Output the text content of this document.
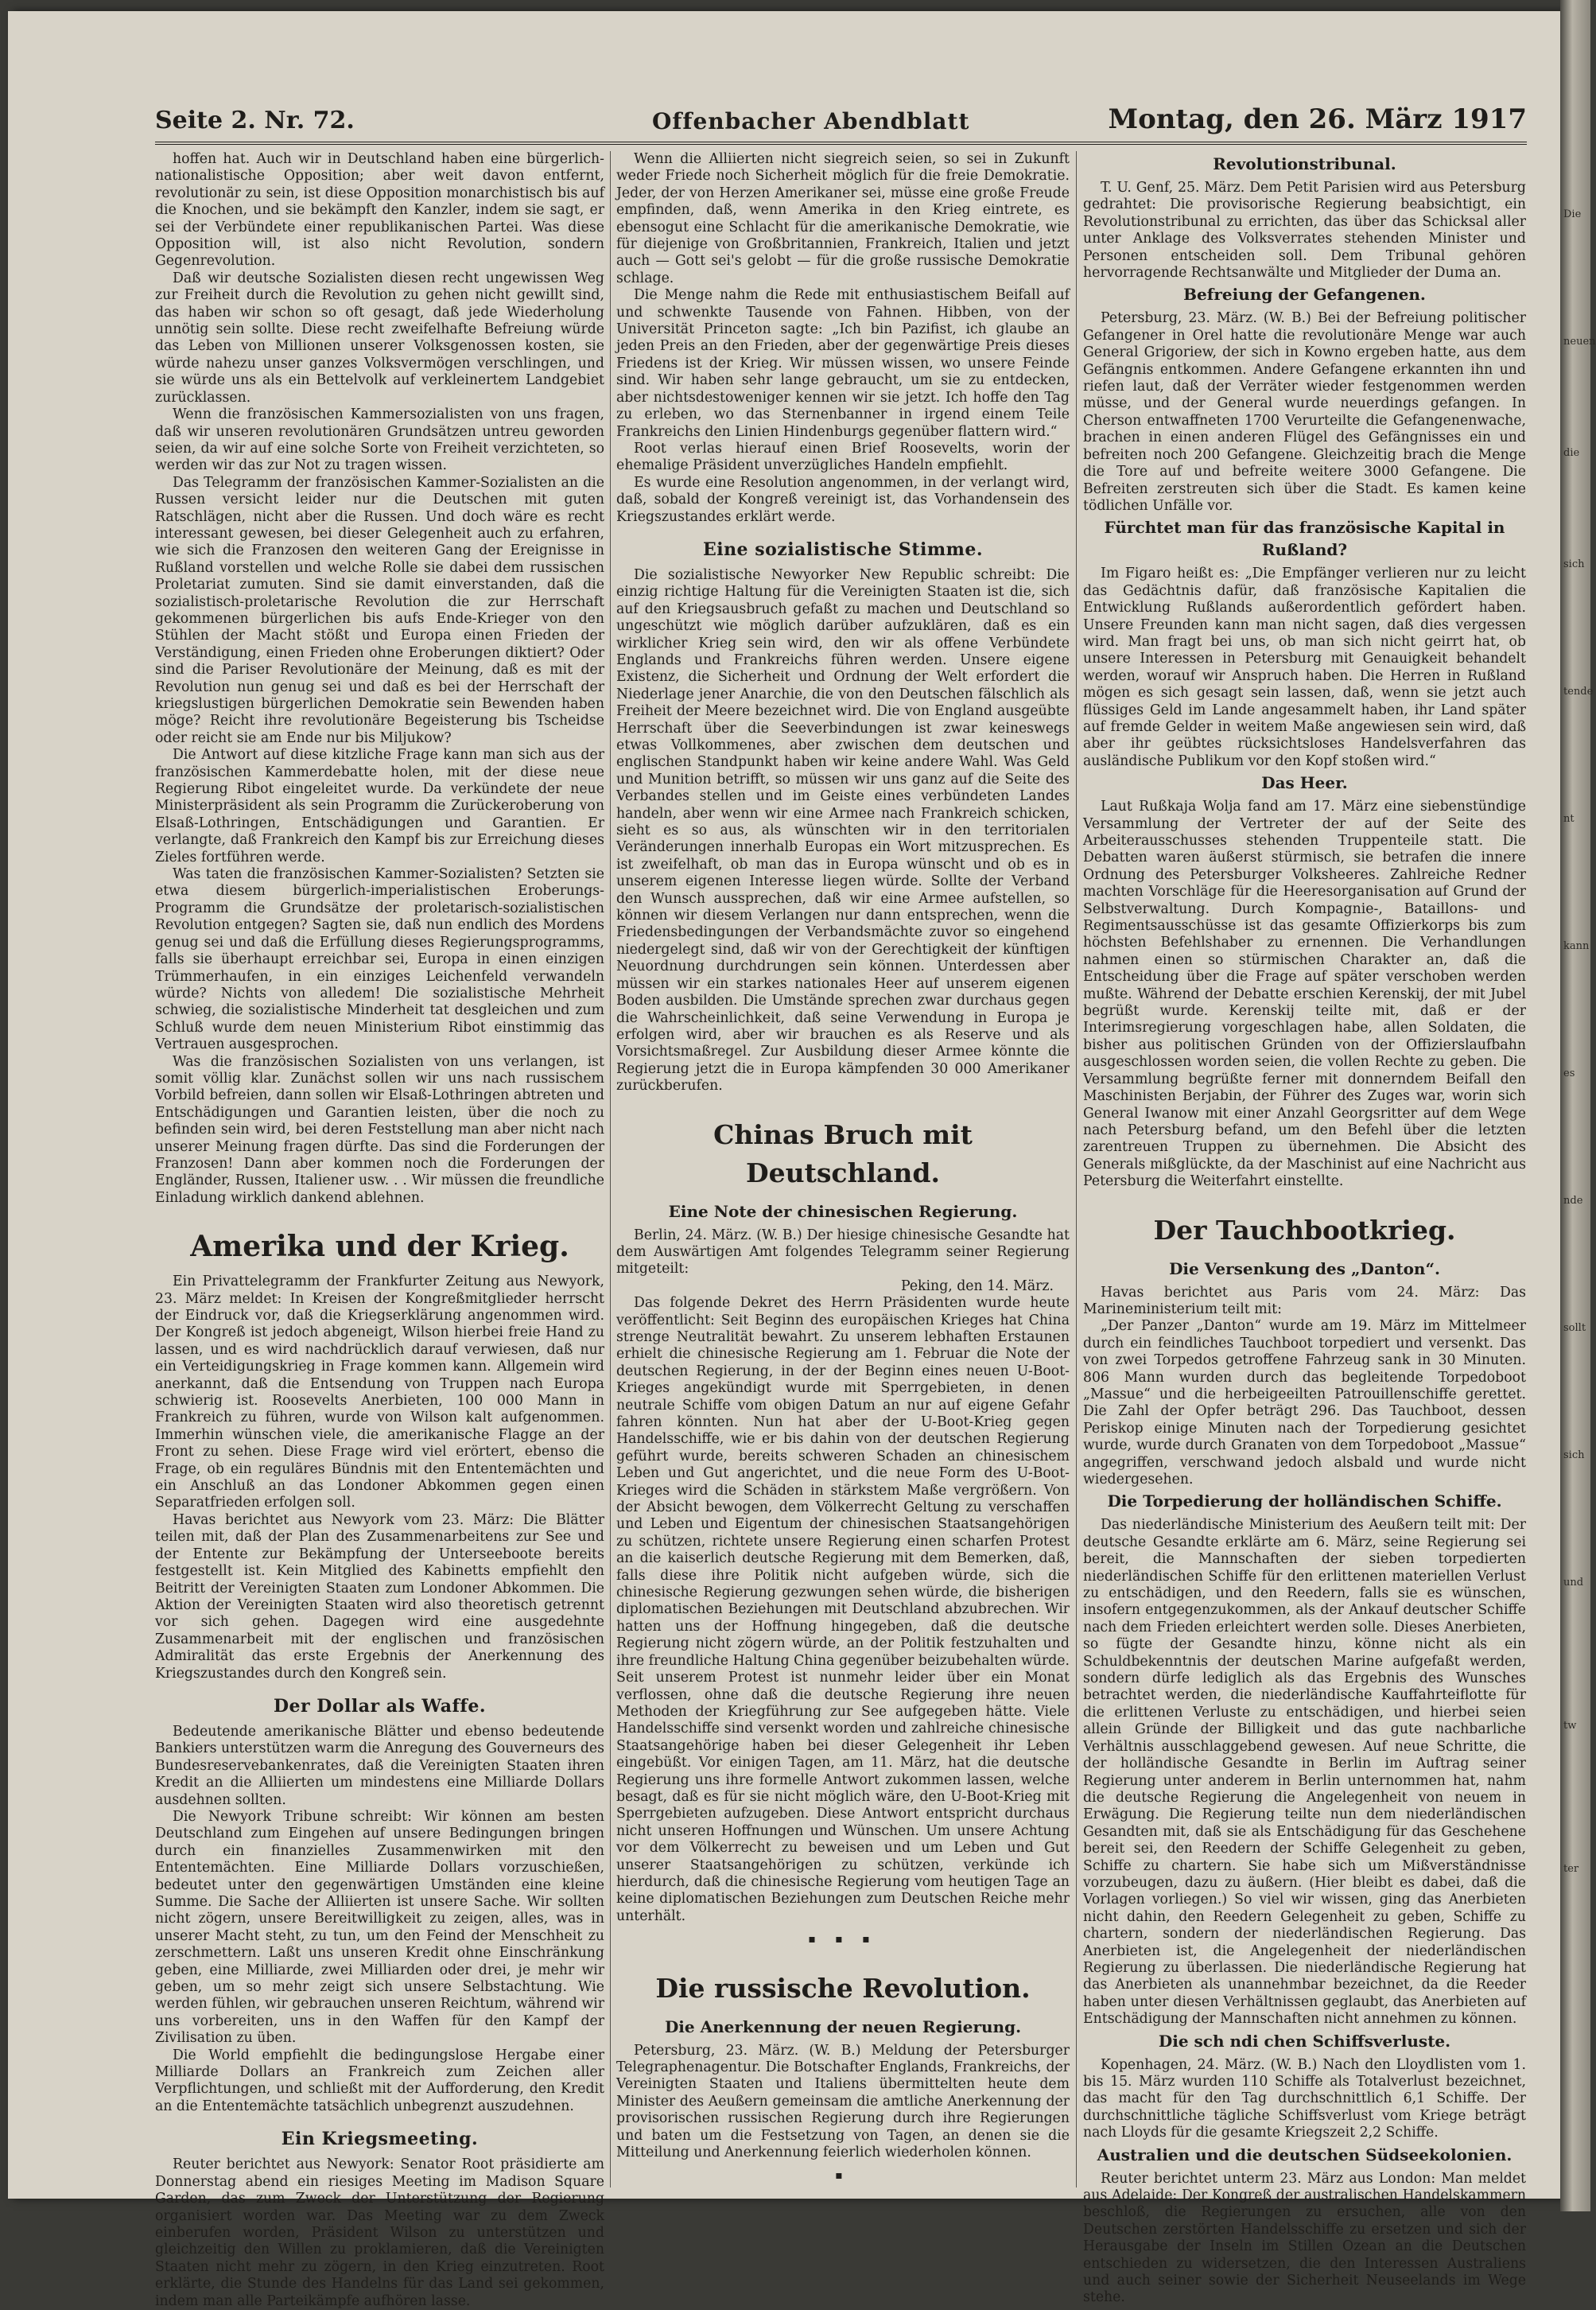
Seite 2. Nr. 72.	Offenbacher Abendblatt	Montag, den 26. März 1917

hoffen hat. Auch wir in Deutschland haben eine bürgerlich-nationalistische Opposition; aber weit davon entfernt, revolutionär zu sein, ist diese Opposition monarchistisch bis auf die Knochen, und sie bekämpft den Kanzler, indem sie sagt, er sei der Verbündete einer republikanischen Partei. Was diese Opposition will, ist also nicht Revolution, sondern Gegenrevolution.

Daß wir deutsche Sozialisten diesen recht ungewissen Weg zur Freiheit durch die Revolution zu gehen nicht gewillt sind, das haben wir schon so oft gesagt, daß jede Wiederholung unnötig sein sollte. Diese recht zweifelhafte Befreiung würde das Leben von Millionen unserer Volksgenossen kosten, sie würde nahezu unser ganzes Volksvermögen verschlingen, und sie würde uns als ein Bettelvolk auf verkleinertem Landgebiet zurücklassen.

Wenn die französischen Kammersozialisten von uns fragen, daß wir unseren revolutionären Grundsätzen untreu geworden seien, da wir auf eine solche Sorte von Freiheit verzichteten, so werden wir das zur Not zu tragen wissen.

Das Telegramm der französischen Kammer-Sozialisten an die Russen versicht leider nur die Deutschen mit guten Ratschlägen, nicht aber die Russen. Und doch wäre es recht interessant gewesen, bei dieser Gelegenheit auch zu erfahren, wie sich die Franzosen den weiteren Gang der Ereignisse in Rußland vorstellen und welche Rolle sie dabei dem russischen Proletariat zumuten. Sind sie damit einverstanden, daß die sozialistisch-proletarische Revolution die zur Herrschaft gekommenen bürgerlichen bis aufs Ende-Krieger von den Stühlen der Macht stößt und Europa einen Frieden der Verständigung, einen Frieden ohne Eroberungen diktiert? Oder sind die Pariser Revolutionäre der Meinung, daß es mit der Revolution nun genug sei und daß es bei der Herrschaft der kriegslustigen bürgerlichen Demokratie sein Bewenden haben möge? Reicht ihre revolutionäre Begeisterung bis Tscheidse oder reicht sie am Ende nur bis Miljukow?

Die Antwort auf diese kitzliche Frage kann man sich aus der französischen Kammerdebatte holen, mit der diese neue Regierung Ribot eingeleitet wurde. Da verkündete der neue Ministerpräsident als sein Programm die Zurückeroberung von Elsaß-Lothringen, Entschädigungen und Garantien. Er verlangte, daß Frankreich den Kampf bis zur Erreichung dieses Zieles fortführen werde.

Was taten die französischen Kammer-Sozialisten? Setzten sie etwa diesem bürgerlich-imperialistischen Eroberungs-Programm die Grundsätze der proletarisch-sozialistischen Revolution entgegen? Sagten sie, daß nun endlich des Mordens genug sei und daß die Erfüllung dieses Regierungsprogramms, falls sie überhaupt erreichbar sei, Europa in einen einzigen Trümmerhaufen, in ein einziges Leichenfeld verwandeln würde? Nichts von alledem! Die sozialistische Mehrheit schwieg, die sozialistische Minderheit tat desgleichen und zum Schluß wurde dem neuen Ministerium Ribot einstimmig das Vertrauen ausgesprochen.

Was die französischen Sozialisten von uns verlangen, ist somit völlig klar. Zunächst sollen wir uns nach russischem Vorbild befreien, dann sollen wir Elsaß-Lothringen abtreten und Entschädigungen und Garantien leisten, über die noch zu befinden sein wird, bei deren Feststellung man aber nicht nach unserer Meinung fragen dürfte. Das sind die Forderungen der Franzosen! Dann aber kommen noch die Forderungen der Engländer, Russen, Italiener usw. . . Wir müssen die freundliche Einladung wirklich dankend ablehnen.

Amerika und der Krieg.

Ein Privattelegramm der Frankfurter Zeitung aus Newyork, 23. März meldet: In Kreisen der Kongreßmitglieder herrscht der Eindruck vor, daß die Kriegserklärung angenommen wird. Der Kongreß ist jedoch abgeneigt, Wilson hierbei freie Hand zu lassen, und es wird nachdrücklich darauf verwiesen, daß nur ein Verteidigungskrieg in Frage kommen kann. Allgemein wird anerkannt, daß die Entsendung von Truppen nach Europa schwierig ist. Roosevelts Anerbieten, 100 000 Mann in Frankreich zu führen, wurde von Wilson kalt aufgenommen. Immerhin wünschen viele, die amerikanische Flagge an der Front zu sehen. Diese Frage wird viel erörtert, ebenso die Frage, ob ein reguläres Bündnis mit den Ententemächten und ein Anschluß an das Londoner Abkommen gegen einen Separatfrieden erfolgen soll.

Havas berichtet aus Newyork vom 23. März: Die Blätter teilen mit, daß der Plan des Zusammenarbeitens zur See und der Entente zur Bekämpfung der Unterseeboote bereits festgestellt ist. Kein Mitglied des Kabinetts empfiehlt den Beitritt der Vereinigten Staaten zum Londoner Abkommen. Die Aktion der Vereinigten Staaten wird also theoretisch getrennt vor sich gehen. Dagegen wird eine ausgedehnte Zusammenarbeit mit der englischen und französischen Admiralität das erste Ergebnis der Anerkennung des Kriegszustandes durch den Kongreß sein.

Der Dollar als Waffe.

Bedeutende amerikanische Blätter und ebenso bedeutende Bankiers unterstützen warm die Anregung des Gouverneurs des Bundesreservebankenrates, daß die Vereinigten Staaten ihren Kredit an die Alliierten um mindestens eine Milliarde Dollars ausdehnen sollten.

Die Newyork Tribune schreibt: Wir können am besten Deutschland zum Eingehen auf unsere Bedingungen bringen durch ein finanzielles Zusammenwirken mit den Ententemächten. Eine Milliarde Dollars vorzuschießen, bedeutet unter den gegenwärtigen Umständen eine kleine Summe. Die Sache der Alliierten ist unsere Sache. Wir sollten nicht zögern, unsere Bereitwilligkeit zu zeigen, alles, was in unserer Macht steht, zu tun, um den Feind der Menschheit zu zerschmettern. Laßt uns unseren Kredit ohne Einschränkung geben, eine Milliarde, zwei Milliarden oder drei, je mehr wir geben, um so mehr zeigt sich unsere Selbstachtung. Wie werden fühlen, wir gebrauchen unseren Reichtum, während wir uns vorbereiten, uns in den Waffen für den Kampf der Zivilisation zu üben.

Die World empfiehlt die bedingungslose Hergabe einer Milliarde Dollars an Frankreich zum Zeichen aller Verpflichtungen, und schließt mit der Aufforderung, den Kredit an die Ententemächte tatsächlich unbegrenzt auszudehnen.

Ein Kriegsmeeting.

Reuter berichtet aus Newyork: Senator Root präsidierte am Donnerstag abend ein riesiges Meeting im Madison Square Garden, das zum Zweck der Unterstützung der Regierung organisiert worden war. Das Meeting war zu dem Zweck einberufen worden, Präsident Wilson zu unterstützen und gleichzeitig den Willen zu proklamieren, daß die Vereinigten Staaten nicht mehr zu zögern, in den Krieg einzutreten. Root erklärte, die Stunde des Handelns für das Land sei gekommen, indem man alle Parteikämpfe aufhören lasse.

Wenn die Alliierten nicht siegreich seien, so sei in Zukunft weder Friede noch Sicherheit möglich für die freie Demokratie. Jeder, der von Herzen Amerikaner sei, müsse eine große Freude empfinden, daß, wenn Amerika in den Krieg eintrete, es ebensogut eine Schlacht für die amerikanische Demokratie, wie für diejenige von Großbritannien, Frankreich, Italien und jetzt auch — Gott sei's gelobt — für die große russische Demokratie schlage.

Die Menge nahm die Rede mit enthusiastischem Beifall auf und schwenkte Tausende von Fahnen. Hibben, von der Universität Princeton sagte: „Ich bin Pazifist, ich glaube an jeden Preis an den Frieden, aber der gegenwärtige Preis dieses Friedens ist der Krieg. Wir müssen wissen, wo unsere Feinde sind. Wir haben sehr lange gebraucht, um sie zu entdecken, aber nichtsdestoweniger kennen wir sie jetzt. Ich hoffe den Tag zu erleben, wo das Sternenbanner in irgend einem Teile Frankreichs den Linien Hindenburgs gegenüber flattern wird.“

Root verlas hierauf einen Brief Roosevelts, worin der ehemalige Präsident unverzügliches Handeln empfiehlt.

Es wurde eine Resolution angenommen, in der verlangt wird, daß, sobald der Kongreß vereinigt ist, das Vorhandensein des Kriegszustandes erklärt werde.

Eine sozialistische Stimme.

Die sozialistische Newyorker New Republic schreibt: Die einzig richtige Haltung für die Vereinigten Staaten ist die, sich auf den Kriegsausbruch gefaßt zu machen und Deutschland so ungeschützt wie möglich darüber aufzuklären, daß es ein wirklicher Krieg sein wird, den wir als offene Verbündete Englands und Frankreichs führen werden. Unsere eigene Existenz, die Sicherheit und Ordnung der Welt erfordert die Niederlage jener Anarchie, die von den Deutschen fälschlich als Freiheit der Meere bezeichnet wird. Die von England ausgeübte Herrschaft über die Seeverbindungen ist zwar keineswegs etwas Vollkommenes, aber zwischen dem deutschen und englischen Standpunkt haben wir keine andere Wahl. Was Geld und Munition betrifft, so müssen wir uns ganz auf die Seite des Verbandes stellen und im Geiste eines verbündeten Landes handeln, aber wenn wir eine Armee nach Frankreich schicken, sieht es so aus, als wünschten wir in den territorialen Veränderungen innerhalb Europas ein Wort mitzusprechen. Es ist zweifelhaft, ob man das in Europa wünscht und ob es in unserem eigenen Interesse liegen würde. Sollte der Verband den Wunsch aussprechen, daß wir eine Armee aufstellen, so können wir diesem Verlangen nur dann entsprechen, wenn die Friedensbedingungen der Verbandsmächte zuvor so eingehend niedergelegt sind, daß wir von der Gerechtigkeit der künftigen Neuordnung durchdrungen sein können. Unterdessen aber müssen wir ein starkes nationales Heer auf unserem eigenen Boden ausbilden. Die Umstände sprechen zwar durchaus gegen die Wahrscheinlichkeit, daß seine Verwendung in Europa je erfolgen wird, aber wir brauchen es als Reserve und als Vorsichtsmaßregel. Zur Ausbildung dieser Armee könnte die Regierung jetzt die in Europa kämpfenden 30 000 Amerikaner zurückberufen.

Chinas Bruch mit Deutschland.
Eine Note der chinesischen Regierung.

Berlin, 24. März. (W. B.) Der hiesige chinesische Gesandte hat dem Auswärtigen Amt folgendes Telegramm seiner Regierung mitgeteilt:

Peking, den 14. März.

Das folgende Dekret des Herrn Präsidenten wurde heute veröffentlicht: Seit Beginn des europäischen Krieges hat China strenge Neutralität bewahrt. Zu unserem lebhaften Erstaunen erhielt die chinesische Regierung am 1. Februar die Note der deutschen Regierung, in der der Beginn eines neuen U-Boot-Krieges angekündigt wurde mit Sperrgebieten, in denen neutrale Schiffe vom obigen Datum an nur auf eigene Gefahr fahren könnten. Nun hat aber der U-Boot-Krieg gegen Handelsschiffe, wie er bis dahin von der deutschen Regierung geführt wurde, bereits schweren Schaden an chinesischem Leben und Gut angerichtet, und die neue Form des U-Boot-Krieges wird die Schäden in stärkstem Maße vergrößern. Von der Absicht bewogen, dem Völkerrecht Geltung zu verschaffen und Leben und Eigentum der chinesischen Staatsangehörigen zu schützen, richtete unsere Regierung einen scharfen Protest an die kaiserlich deutsche Regierung mit dem Bemerken, daß, falls diese ihre Politik nicht aufgeben würde, sich die chinesische Regierung gezwungen sehen würde, die bisherigen diplomatischen Beziehungen mit Deutschland abzubrechen. Wir hatten uns der Hoffnung hingegeben, daß die deutsche Regierung nicht zögern würde, an der Politik festzuhalten und ihre freundliche Haltung China gegenüber beizubehalten würde. Seit unserem Protest ist nunmehr leider über ein Monat verflossen, ohne daß die deutsche Regierung ihre neuen Methoden der Kriegführung zur See aufgegeben hätte. Viele Handelsschiffe sind versenkt worden und zahlreiche chinesische Staatsangehörige haben bei dieser Gelegenheit ihr Leben eingebüßt. Vor einigen Tagen, am 11. März, hat die deutsche Regierung uns ihre formelle Antwort zukommen lassen, welche besagt, daß es für sie nicht möglich wäre, den U-Boot-Krieg mit Sperrgebieten aufzugeben. Diese Antwort entspricht durchaus nicht unseren Hoffnungen und Wünschen. Um unsere Achtung vor dem Völkerrecht zu beweisen und um Leben und Gut unserer Staatsangehörigen zu schützen, verkünde ich hierdurch, daß die chinesische Regierung vom heutigen Tage an keine diplomatischen Beziehungen zum Deutschen Reiche mehr unterhält.

▪ ▪ ▪
Die russische Revolution.
Die Anerkennung der neuen Regierung.

Petersburg, 23. März. (W. B.) Meldung der Petersburger Telegraphenagentur. Die Botschafter Englands, Frankreichs, der Vereinigten Staaten und Italiens übermittelten heute dem Minister des Aeußern gemeinsam die amtliche Anerkennung der provisorischen russischen Regierung durch ihre Regierungen und baten um die Festsetzung von Tagen, an denen sie die Mitteilung und Anerkennung feierlich wiederholen können.

▪
Revolutionstribunal.

T. U. Genf, 25. März. Dem Petit Parisien wird aus Petersburg gedrahtet: Die provisorische Regierung beabsichtigt, ein Revolutionstribunal zu errichten, das über das Schicksal aller unter Anklage des Volksverrates stehenden Minister und Personen entscheiden soll. Dem Tribunal gehören hervorragende Rechtsanwälte und Mitglieder der Duma an.

Befreiung der Gefangenen.

Petersburg, 23. März. (W. B.) Bei der Befreiung politischer Gefangener in Orel hatte die revolutionäre Menge war auch General Grigoriew, der sich in Kowno ergeben hatte, aus dem Gefängnis entkommen. Andere Gefangene erkannten ihn und riefen laut, daß der Verräter wieder festgenommen werden müsse, und der General wurde neuerdings gefangen. In Cherson entwaffneten 1700 Verurteilte die Gefangenenwache, brachen in einen anderen Flügel des Gefängnisses ein und befreiten noch 200 Gefangene. Gleichzeitig brach die Menge die Tore auf und befreite weitere 3000 Gefangene. Die Befreiten zerstreuten sich über die Stadt. Es kamen keine tödlichen Unfälle vor.

Fürchtet man für das französische Kapital in Rußland?

Im Figaro heißt es: „Die Empfänger verlieren nur zu leicht das Gedächtnis dafür, daß französische Kapitalien die Entwicklung Rußlands außerordentlich gefördert haben. Unsere Freunden kann man nicht sagen, daß dies vergessen wird. Man fragt bei uns, ob man sich nicht geirrt hat, ob unsere Interessen in Petersburg mit Genauigkeit behandelt werden, worauf wir Anspruch haben. Die Herren in Rußland mögen es sich gesagt sein lassen, daß, wenn sie jetzt auch flüssiges Geld im Lande angesammelt haben, ihr Land später auf fremde Gelder in weitem Maße angewiesen sein wird, daß aber ihr geübtes rücksichtsloses Handelsverfahren das ausländische Publikum vor den Kopf stoßen wird.“

Das Heer.

Laut Rußkaja Wolja fand am 17. März eine siebenstündige Versammlung der Vertreter der auf der Seite des Arbeiterausschusses stehenden Truppenteile statt. Die Debatten waren äußerst stürmisch, sie betrafen die innere Ordnung des Petersburger Volksheeres. Zahlreiche Redner machten Vorschläge für die Heeresorganisation auf Grund der Selbstverwaltung. Durch Kompagnie-, Bataillons- und Regimentsausschüsse ist das gesamte Offizierkorps bis zum höchsten Befehlshaber zu ernennen. Die Verhandlungen nahmen einen so stürmischen Charakter an, daß die Entscheidung über die Frage auf später verschoben werden mußte. Während der Debatte erschien Kerenskij, der mit Jubel begrüßt wurde. Kerenskij teilte mit, daß er der Interimsregierung vorgeschlagen habe, allen Soldaten, die bisher aus politischen Gründen von der Offizierslaufbahn ausgeschlossen worden seien, die vollen Rechte zu geben. Die Versammlung begrüßte ferner mit donnerndem Beifall den Maschinisten Berjabin, der Führer des Zuges war, worin sich General Iwanow mit einer Anzahl Georgsritter auf dem Wege nach Petersburg befand, um den Befehl über die letzten zarentreuen Truppen zu übernehmen. Die Absicht des Generals mißglückte, da der Maschinist auf eine Nachricht aus Petersburg die Weiterfahrt einstellte.

Der Tauchbootkrieg.
Die Versenkung des „Danton“.

Havas berichtet aus Paris vom 24. März: Das Marineministerium teilt mit:

„Der Panzer „Danton“ wurde am 19. März im Mittelmeer durch ein feindliches Tauchboot torpediert und versenkt. Das von zwei Torpedos getroffene Fahrzeug sank in 30 Minuten. 806 Mann wurden durch das begleitende Torpedoboot „Massue“ und die herbeigeeilten Patrouillenschiffe gerettet. Die Zahl der Opfer beträgt 296. Das Tauchboot, dessen Periskop einige Minuten nach der Torpedierung gesichtet wurde, wurde durch Granaten von dem Torpedoboot „Massue“ angegriffen, verschwand jedoch alsbald und wurde nicht wiedergesehen.

Die Torpedierung der holländischen Schiffe.

Das niederländische Ministerium des Aeußern teilt mit: Der deutsche Gesandte erklärte am 6. März, seine Regierung sei bereit, die Mannschaften der sieben torpedierten niederländischen Schiffe für den erlittenen materiellen Verlust zu entschädigen, und den Reedern, falls sie es wünschen, insofern entgegenzukommen, als der Ankauf deutscher Schiffe nach dem Frieden erleichtert werden solle. Dieses Anerbieten, so fügte der Gesandte hinzu, könne nicht als ein Schuldbekenntnis der deutschen Marine aufgefaßt werden, sondern dürfe lediglich als das Ergebnis des Wunsches betrachtet werden, die niederländische Kauffahrteiflotte für die erlittenen Verluste zu entschädigen, und hierbei seien allein Gründe der Billigkeit und das gute nachbarliche Verhältnis ausschlaggebend gewesen. Auf neue Schritte, die der holländische Gesandte in Berlin im Auftrag seiner Regierung unter anderem in Berlin unternommen hat, nahm die deutsche Regierung die Angelegenheit von neuem in Erwägung. Die Regierung teilte nun dem niederländischen Gesandten mit, daß sie als Entschädigung für das Geschehene bereit sei, den Reedern der Schiffe Gelegenheit zu geben, Schiffe zu chartern. Sie habe sich um Mißverständnisse vorzubeugen, dazu zu äußern. (Hier bleibt es dabei, daß die Vorlagen vorliegen.) So viel wir wissen, ging das Anerbieten nicht dahin, den Reedern Gelegenheit zu geben, Schiffe zu chartern, sondern der niederländischen Regierung. Das Anerbieten ist, die Angelegenheit der niederländischen Regierung zu überlassen. Die niederländische Regierung hat das Anerbieten als unannehmbar bezeichnet, da die Reeder haben unter diesen Verhältnissen geglaubt, das Anerbieten auf Entschädigung der Mannschaften nicht annehmen zu können.

Die sch ndi chen Schiffsverluste.

Kopenhagen, 24. März. (W. B.) Nach den Lloydlisten vom 1. bis 15. März wurden 110 Schiffe als Totalverlust bezeichnet, das macht für den Tag durchschnittlich 6,1 Schiffe. Der durchschnittliche tägliche Schiffsverlust vom Kriege beträgt nach Lloyds für die gesamte Kriegszeit 2,2 Schiffe.

Australien und die deutschen Südseekolonien.

Reuter berichtet unterm 23. März aus London: Man meldet aus Adelaide: Der Kongreß der australischen Handelskammern beschloß, die Regierungen zu ersuchen, alle von den Deutschen zerstörten Handelsschiffe zu ersetzen und sich der Herausgabe der Inseln im Stillen Ozean an die Deutschen entschieden zu widersetzen, die den Interessen Australiens und auch seiner sowie der Sicherheit Neuseelands im Wege stehe.

Die
neuen
die
sich
tende
nt
kann
es
nde
sollt
sich
und
tw
ter
